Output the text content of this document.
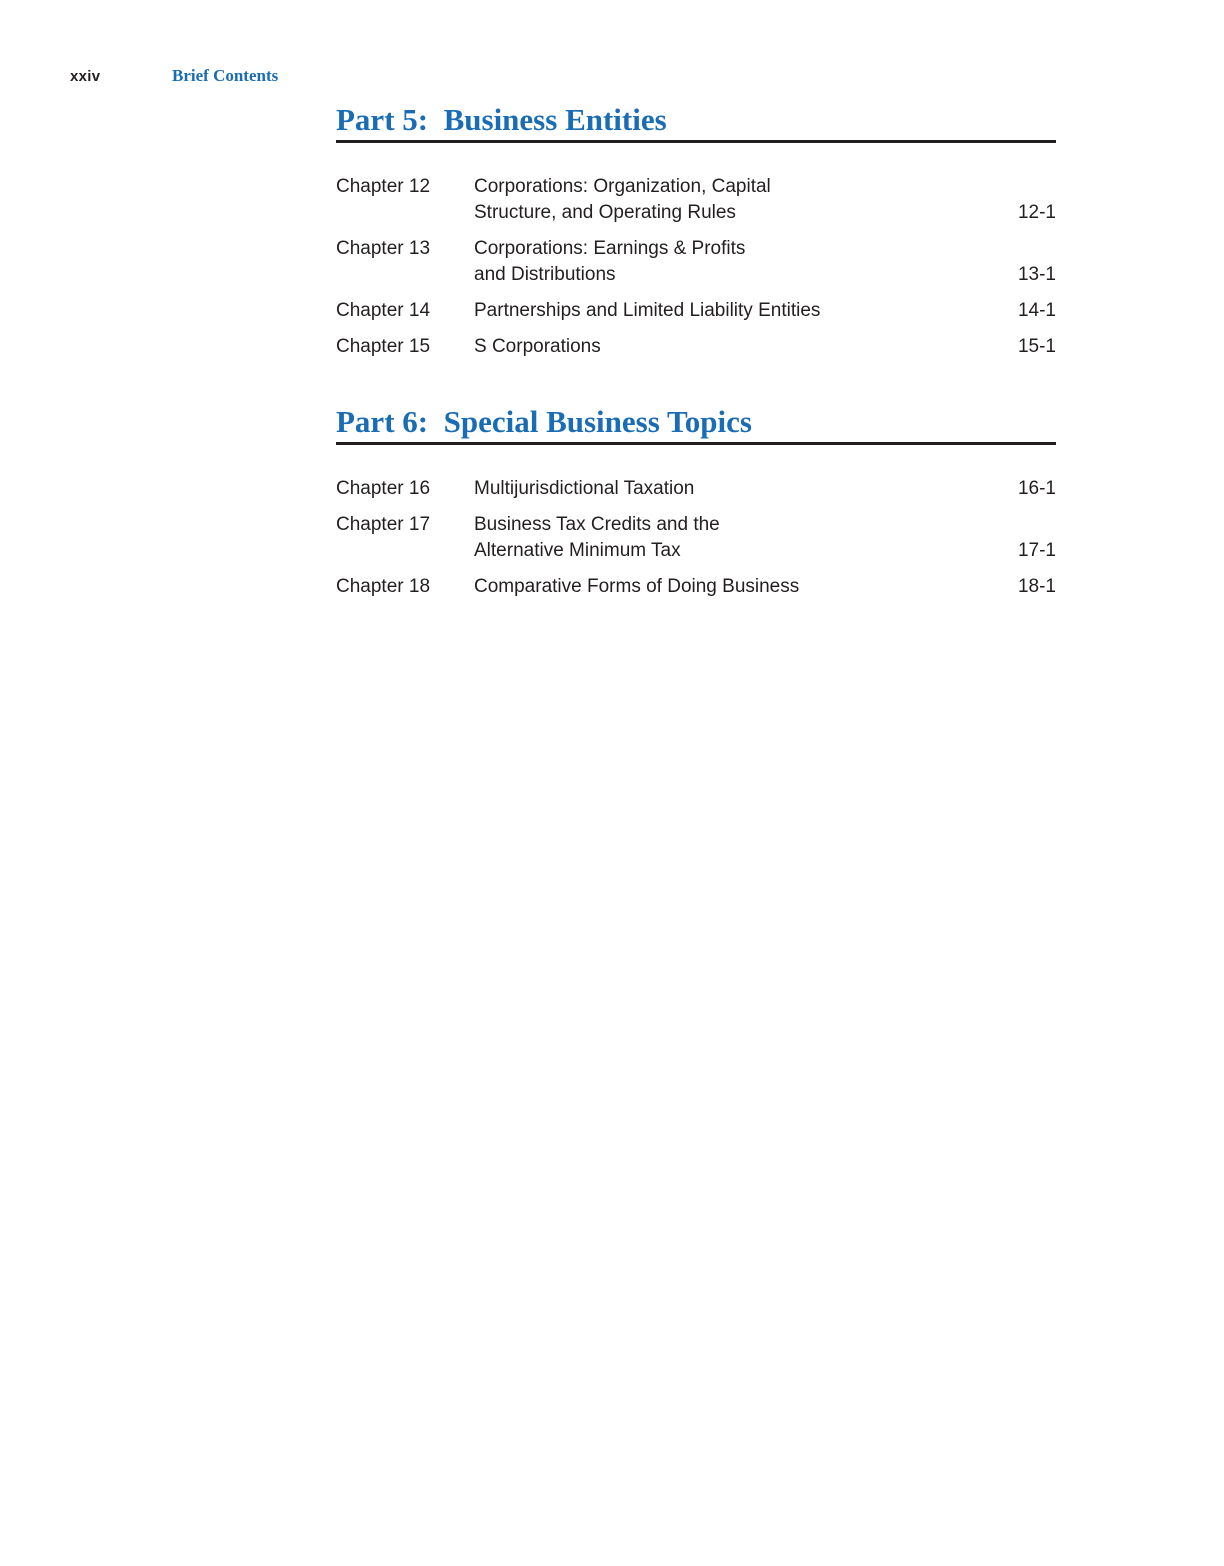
xxiv	Brief Contents
Part 5:  Business Entities
Chapter 12	Corporations: Organization, Capital
Structure, and Operating Rules	12-1
Chapter 13	Corporations: Earnings & Profits
and Distributions	13-1
Chapter 14	Partnerships and Limited Liability Entities	14-1
Chapter 15	S Corporations	15-1
Part 6:  Special Business Topics
Chapter 16	Multijurisdictional Taxation	16-1
Chapter 17	Business Tax Credits and the
Alternative Minimum Tax	17-1
Chapter 18	Comparative Forms of Doing Business	18-1
